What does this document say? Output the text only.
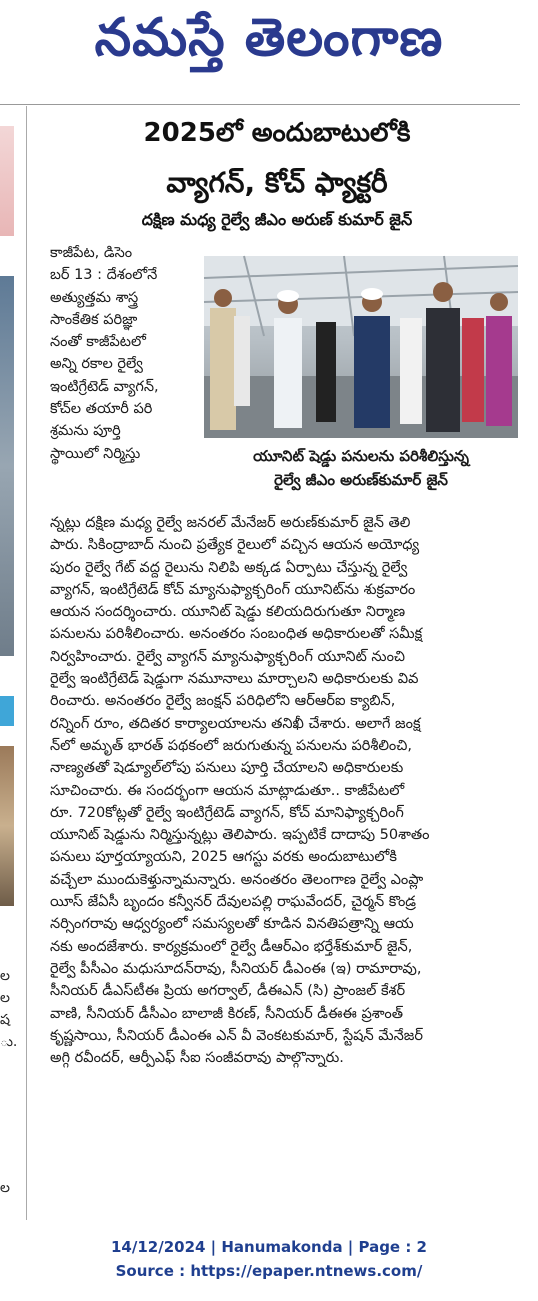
నమస్తే తెలంగాణ
ల
ల
ష
ు.
ల
2025లో అందుబాటులోకి
వ్యాగన్, కోచ్ ఫ్యాక్టరీ
దక్షిణ మధ్య రైల్వే జీఎం అరుణ్ కుమార్ జైన్
కాజీపేట, డిసెం
బర్ 13 : దేశంలోనే
అత్యుత్తమ శాస్త్ర
సాంకేతిక పరిజ్ఞా
నంతో కాజీపేటలో
అన్ని రకాల రైల్వే
ఇంటిగ్రేటెడ్ వ్యాగన్,
కోచ్‌ల తయారీ పరి
శ్రమను పూర్తి
స్థాయిలో నిర్మిస్తు	యూనిట్ షెడ్డు పనులను పరిశీలిస్తున్న
రైల్వే జీఎం అరుణ్‌కుమార్ జైన్
న్నట్లు దక్షిణ మధ్య రైల్వే జనరల్ మేనేజర్ అరుణ్‌కుమార్ జైన్ తెలి
పారు. సికింద్రాబాద్ నుంచి ప్రత్యేక రైలులో వచ్చిన ఆయన అయోధ్య
పురం రైల్వే గేట్ వద్ద రైలును నిలిపి అక్కడ ఏర్పాటు చేస్తున్న రైల్వే
వ్యాగన్, ఇంటిగ్రేటెడ్ కోచ్ మ్యానుఫ్యాక్చరింగ్ యూనిట్‌ను శుక్రవారం
ఆయన సందర్శించారు. యూనిట్ షెడ్డు కలియదిరుగుతూ నిర్మాణ
పనులను పరిశీలించారు. అనంతరం సంబంధిత అధికారులతో సమీక్ష
నిర్వహించారు. రైల్వే వ్యాగన్ మ్యానుఫ్యాక్చరింగ్ యూనిట్ నుంచి
రైల్వే ఇంటిగ్రేటెడ్ షెడ్డుగా నమూనాలు మార్చాలని అధికారులకు వివ
రించారు. అనంతరం రైల్వే జంక్షన్ పరిధిలోని ఆర్ఆర్ఐ క్యాబిన్,
రన్నింగ్ రూం, తదితర కార్యాలయాలను తనిఖీ చేశారు. అలాగే జంక్ష
న్‌లో అమృత్ భారత్ పథకంలో జరుగుతున్న పనులను పరిశీలించి,
నాణ్యతతో షెడ్యూల్‌లోపు పనులు పూర్తి చేయాలని అధికారులకు
సూచించారు. ఈ సందర్భంగా ఆయన మాట్లాడుతూ.. కాజీపేటలో
రూ. 720కోట్లతో రైల్వే ఇంటిగ్రేటెడ్ వ్యాగన్, కోచ్ మానిఫ్యాక్చరింగ్
యూనిట్ షెడ్డును నిర్మిస్తున్నట్లు తెలిపారు. ఇప్పటికే దాదాపు 50శాతం
పనులు పూర్తయ్యాయని, 2025 ఆగస్టు వరకు అందుబాటులోకి
వచ్చేలా ముందుకెళ్తున్నామన్నారు. అనంతరం తెలంగాణ రైల్వే ఎంప్లా
యీస్ జేఏసీ బృందం కన్వీనర్ దేవులపల్లి రాఘవేందర్, చైర్మన్ కొండ్ర
నర్సింగరావు ఆధ్వర్యంలో సమస్యలతో కూడిన వినతిపత్రాన్ని ఆయ
నకు అందజేశారు. కార్యక్రమంలో రైల్వే డీఆర్ఎం భర్తేశ్‌కుమార్ జైన్,
రైల్వే పీసీఎం మధుసూదన్‌రావు, సీనియర్ డీఎంఈ (ఇ) రామారావు,
సీనియర్ డీఎస్‌టీఈ ప్రియ అగర్వాల్, డీఈఎన్ (సి) ప్రాంజల్ కేశర్
వాణి, సీనియర్ డీసీఎం బాలాజీ కిరణ్, సీనియర్ డీఈఈ ప్రశాంత్
కృష్ణసాయి, సీనియర్ డీఎంఈ ఎన్ వీ వెంకటకుమార్, స్టేషన్ మేనేజర్
అగ్గి రవీందర్, ఆర్పీఎఫ్ సీఐ సంజీవరావు పాల్గొన్నారు.
14/12/2024 | Hanumakonda | Page : 2
Source : https://epaper.ntnews.com/
